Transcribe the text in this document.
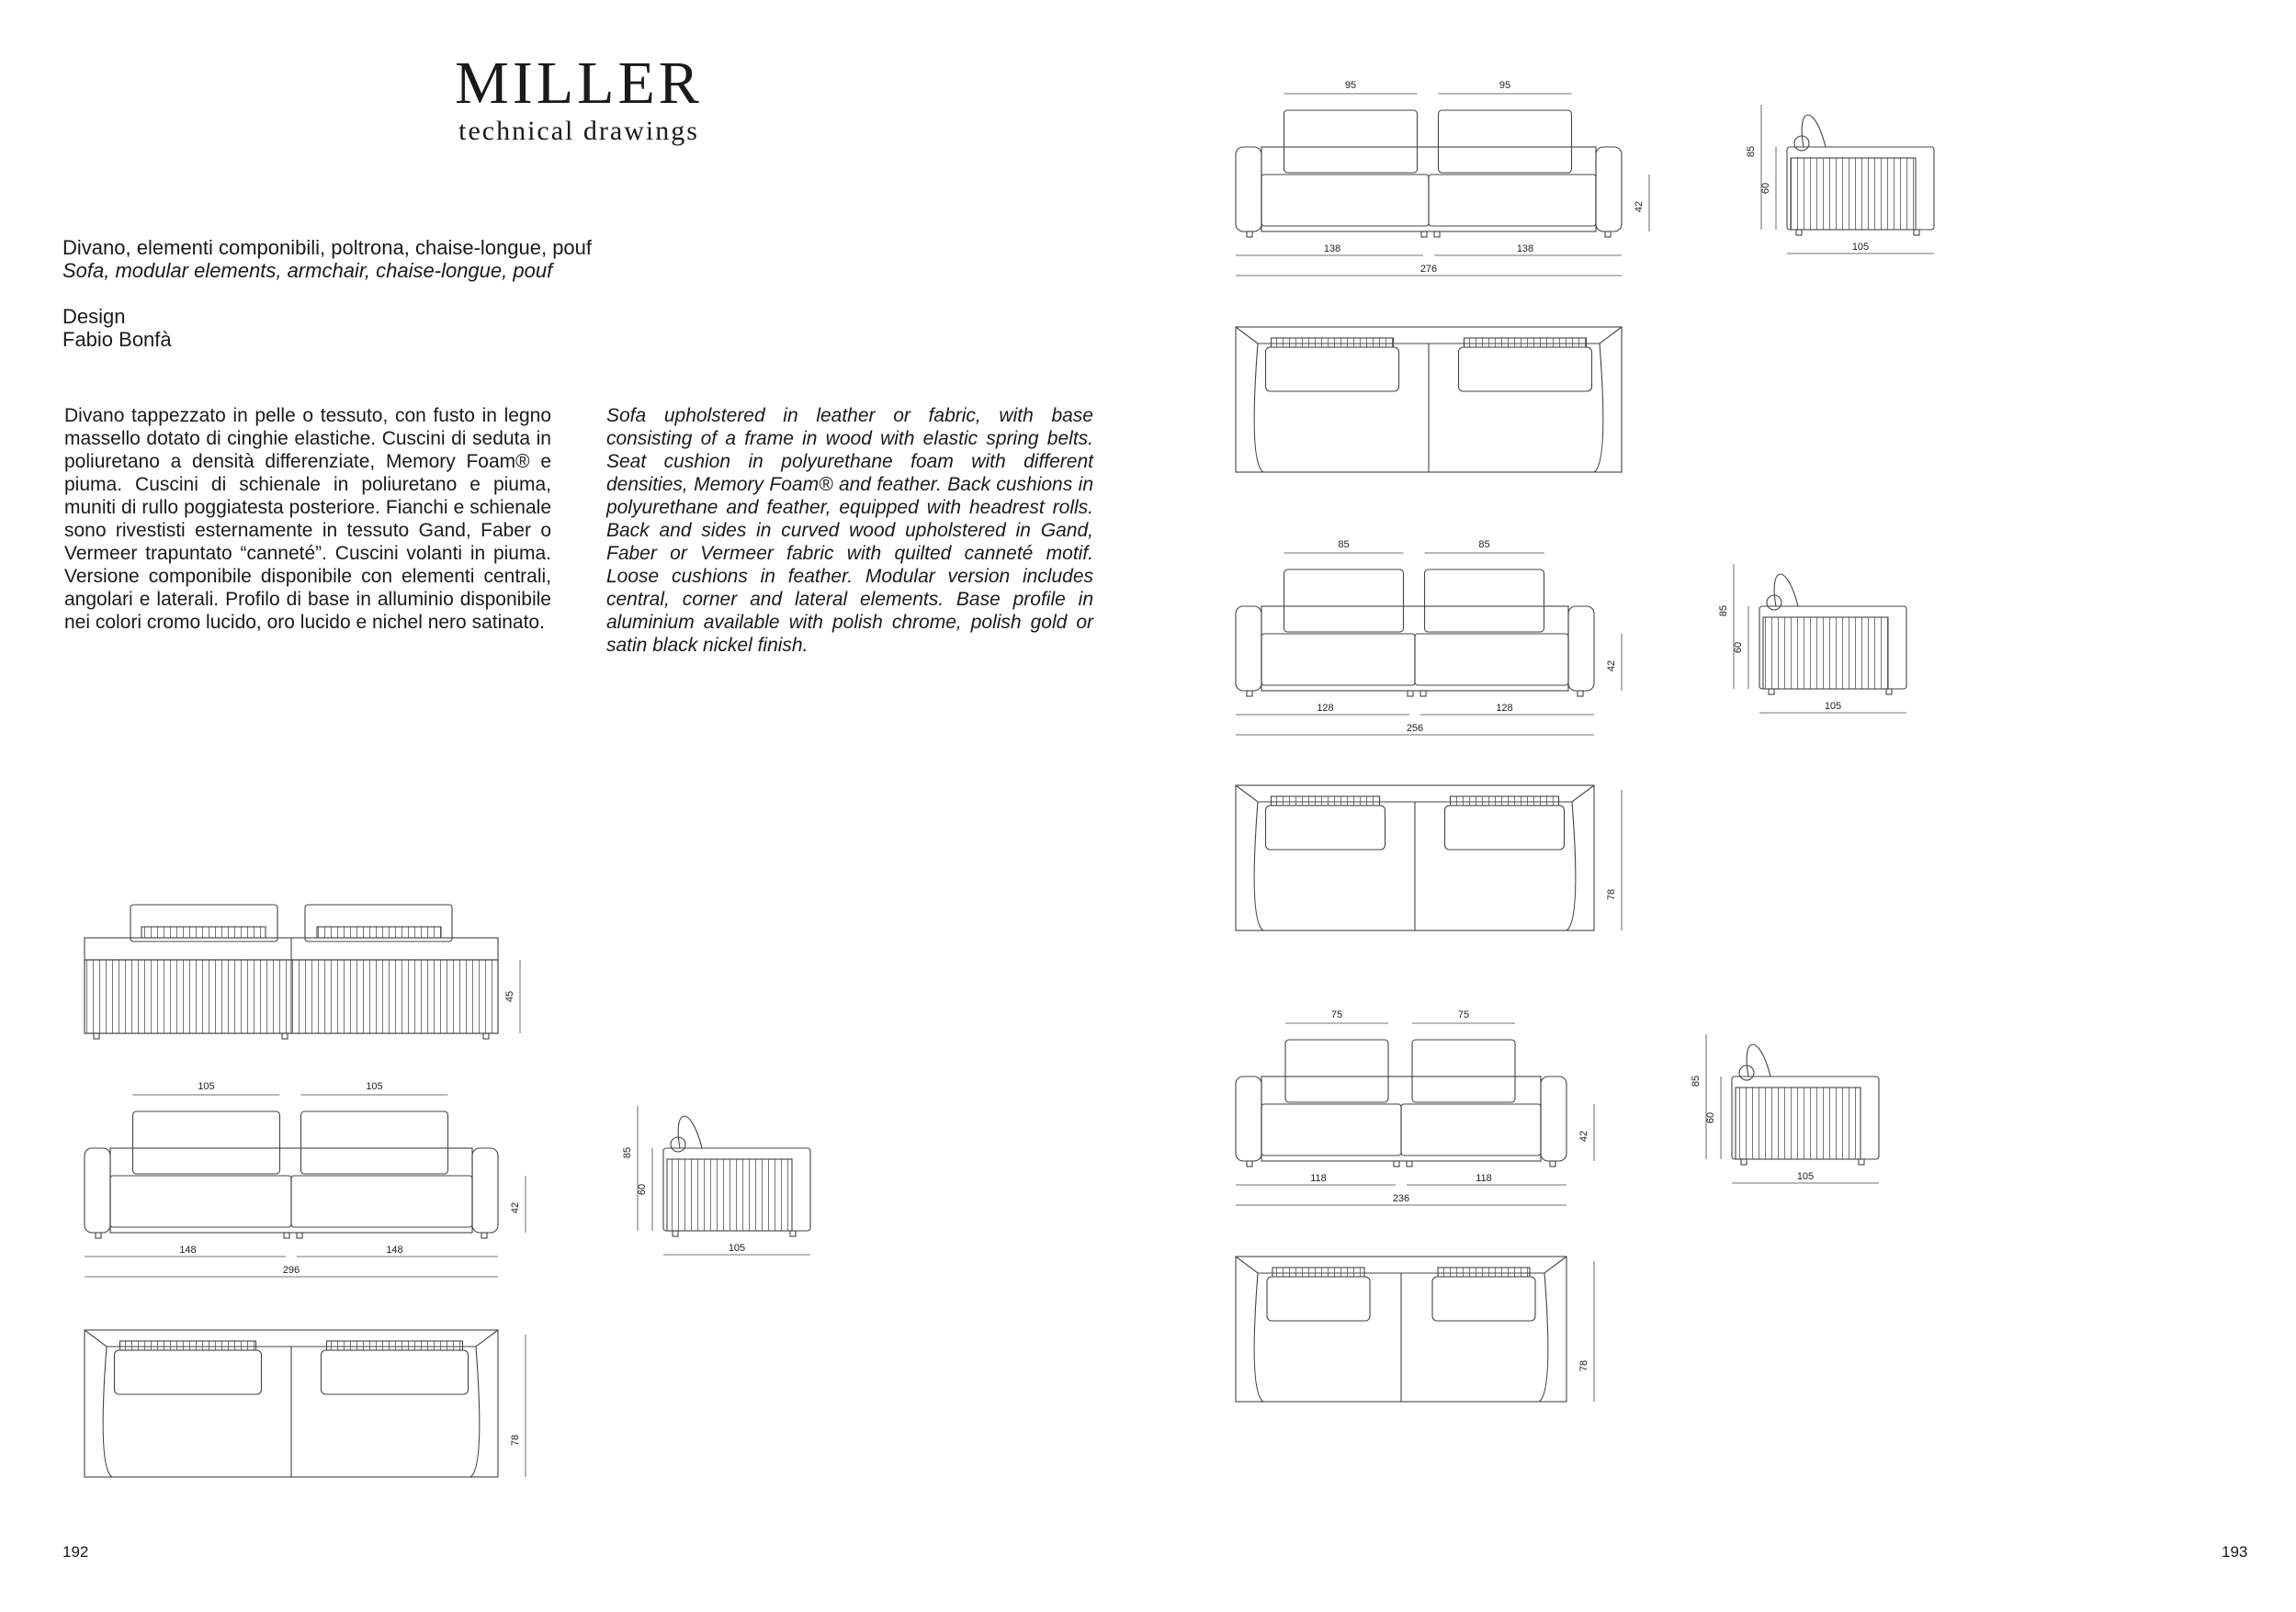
MILLER
technical drawings
Divano, elementi componibili, poltrona, chaise-longue, pouf
Sofa, modular elements, armchair, chaise-longue, pouf
Design
Fabio Bonfà
Divano tappezzato in pelle o tessuto, con fusto in legno massello dotato di cinghie elastiche. Cuscini di seduta in poliuretano a densità differenziate, Memory Foam® e piuma. Cuscini di schienale in poliuretano e piuma, muniti di rullo poggiatesta posteriore. Fianchi e schienale sono rivestisti esternamente in tessuto Gand, Faber o Vermeer trapuntato “canneté”. Cuscini volanti in piuma. Versione componibile disponibile con elementi centrali, angolari e laterali. Profilo di base in alluminio disponibile nei colori cromo lucido, oro lucido e nichel nero satinato.
Sofa upholstered in leather or fabric, with base consisting of a frame in wood with elastic spring belts. Seat cushion in polyurethane foam with different densities, Memory Foam® and feather. Back cushions in polyurethane and feather, equipped with headrest rolls. Back and sides in curved wood upholstered in Gand, Faber or Vermeer fabric with quilted canneté motif. Loose cushions in feather. Modular version includes central, corner and lateral elements. Base profile in aluminium available with polish chrome, polish gold or satin black nickel finish.
192	193
95	95
138	138
276
42
105
85
60
85	85
128	128
256
42
105
85
60
78
75	75
118	118
236
42
105
85
60
78
45
105	105
148	148
296
42
105
85
60
78
